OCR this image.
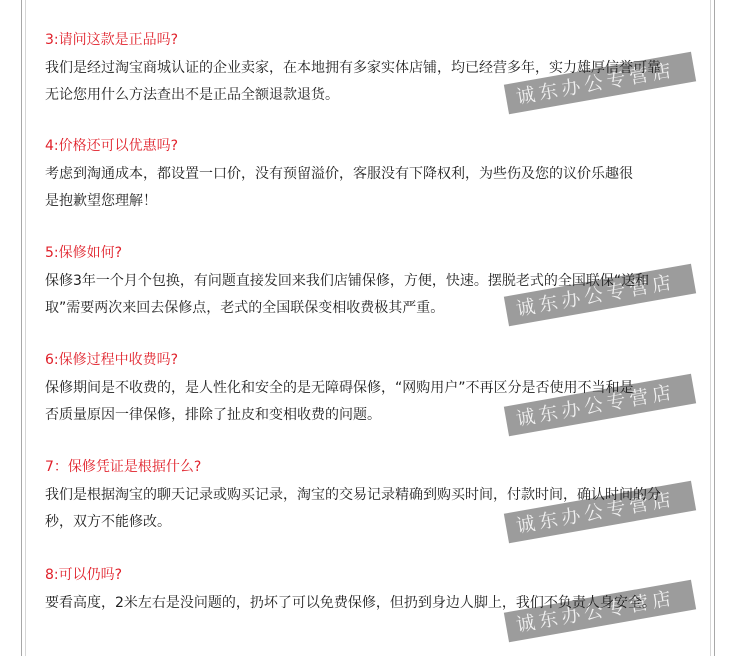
诚东办公专营店
诚东办公专营店
诚东办公专营店
诚东办公专营店
诚东办公专营店
3:请问这款是正品吗?
我们是经过淘宝商城认证的企业卖家，在本地拥有多家实体店铺，均已经营多年，实力雄厚信誉可靠
无论您用什么方法查出不是正品全额退款退货。
4:价格还可以优惠吗?
考虑到淘通成本，都设置一口价，没有预留溢价，客服没有下降权利，为些伤及您的议价乐趣很
是抱歉望您理解！
5:保修如何?
保修3年一个月个包换，有问题直接发回来我们店铺保修，方便，快速。摆脱老式的全国联保“送和
取”需要两次来回去保修点，老式的全国联保变相收费极其严重。
6:保修过程中收费吗?
保修期间是不收费的，是人性化和安全的是无障碍保修，“网购用户”不再区分是否使用不当和是
否质量原因一律保修，排除了扯皮和变相收费的问题。
7：保修凭证是根据什么?
我们是根据淘宝的聊天记录或购买记录，淘宝的交易记录精确到购买时间，付款时间，确认时间的分
秒，双方不能修改。
8:可以仍吗?
要看高度，2米左右是没问题的，扔坏了可以免费保修，但扔到身边人脚上，我们不负责人身安全。
